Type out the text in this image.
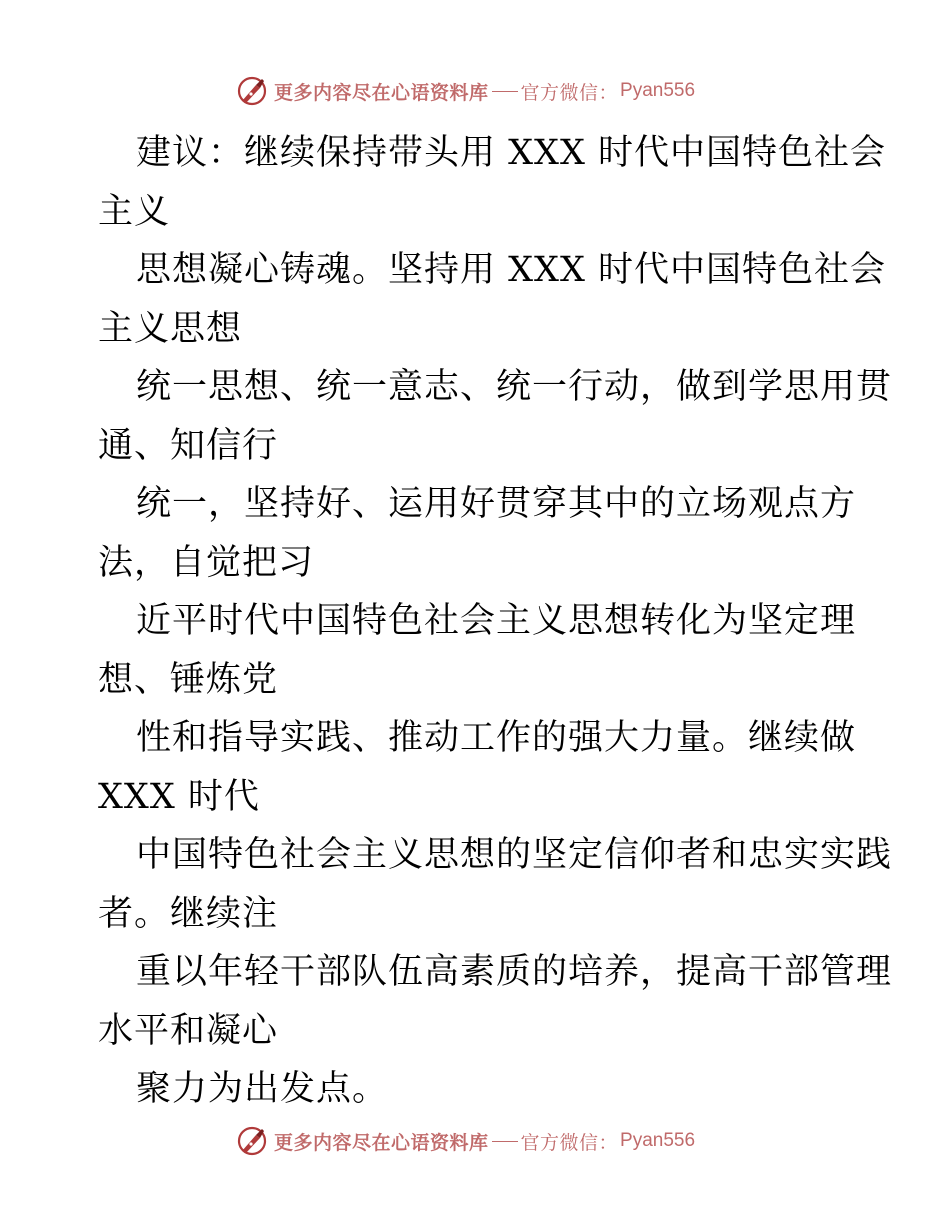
更多内容尽在心语资料库 官方微信： Pyan556
建议：继续保持带头用 XXX 时代中国特色社会
主义
思想凝心铸魂。坚持用 XXX 时代中国特色社会
主义思想
统一思想、统一意志、统一行动，做到学思用贯
通、知信行
统一，坚持好、运用好贯穿其中的立场观点方
法，自觉把习
近平时代中国特色社会主义思想转化为坚定理
想、锤炼党
性和指导实践、推动工作的强大力量。继续做
XXX 时代
中国特色社会主义思想的坚定信仰者和忠实实践
者。继续注
重以年轻干部队伍高素质的培养，提高干部管理
水平和凝心
聚力为出发点。
更多内容尽在心语资料库 官方微信： Pyan556
